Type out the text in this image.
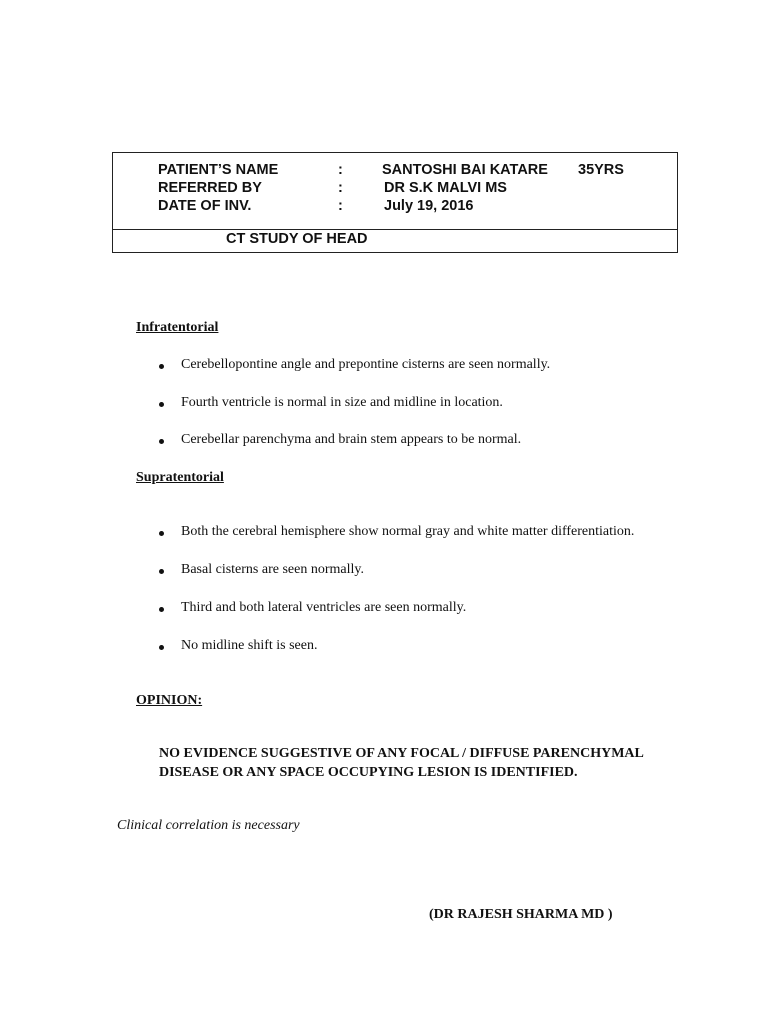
PATIENT’S NAME	:	SANTOSHI BAI KATARE 35YRS
REFERRED BY	:	DR S.K MALVI MS
DATE OF INV.	:	July 19, 2016
CT STUDY OF HEAD
Infratentorial
Cerebellopontine angle and prepontine cisterns are seen normally.
Fourth ventricle is normal in size and midline in location.
Cerebellar parenchyma and brain stem appears to be normal.
Supratentorial
Both the cerebral hemisphere show normal gray and white matter differentiation.
Basal cisterns are seen normally.
Third and both lateral ventricles are seen normally.
No midline shift is seen.
OPINION:
NO EVIDENCE SUGGESTIVE OF ANY FOCAL / DIFFUSE PARENCHYMAL
DISEASE OR ANY SPACE OCCUPYING LESION IS IDENTIFIED.
Clinical correlation is necessary
(DR RAJESH SHARMA MD )
